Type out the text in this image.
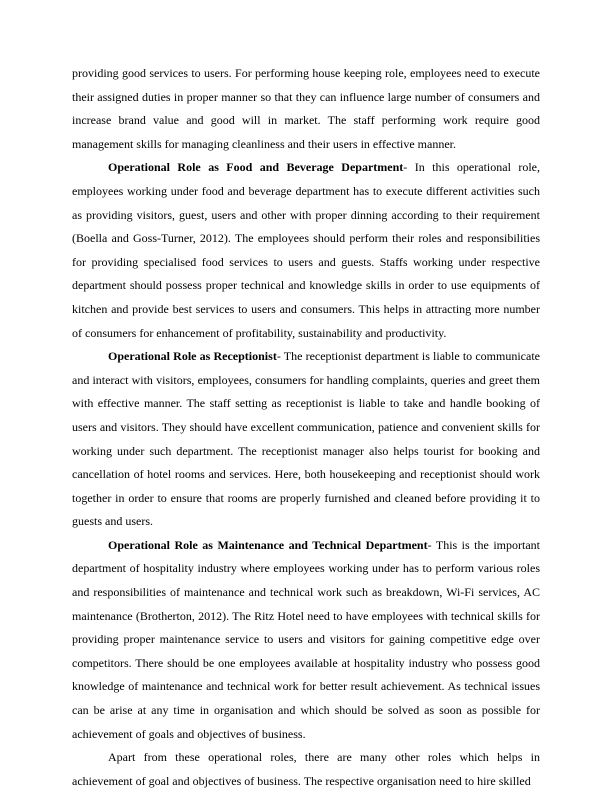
providing good services to users. For performing house keeping role, employees need to execute their assigned duties in proper manner so that they can influence large number of consumers and increase brand value and good will in market. The staff performing work require good management skills for managing cleanliness and their users in effective manner.

Operational Role as Food and Beverage Department- In this operational role, employees working under food and beverage department has to execute different activities such as providing visitors, guest, users and other with proper dinning according to their requirement (Boella and Goss-Turner, 2012). The employees should perform their roles and responsibilities for providing specialised food services to users and guests. Staffs working under respective department should possess proper technical and knowledge skills in order to use equipments of kitchen and provide best services to users and consumers. This helps in attracting more number of consumers for enhancement of profitability, sustainability and productivity.

Operational Role as Receptionist- The receptionist department is liable to communicate and interact with visitors, employees, consumers for handling complaints, queries and greet them with effective manner. The staff setting as receptionist is liable to take and handle booking of users and visitors. They should have excellent communication, patience and convenient skills for working under such department. The receptionist manager also helps tourist for booking and cancellation of hotel rooms and services. Here, both housekeeping and receptionist should work together in order to ensure that rooms are properly furnished and cleaned before providing it to guests and users.

Operational Role as Maintenance and Technical Department- This is the important department of hospitality industry where employees working under has to perform various roles and responsibilities of maintenance and technical work such as breakdown, Wi-Fi services, AC maintenance (Brotherton, 2012). The Ritz Hotel need to have employees with technical skills for providing proper maintenance service to users and visitors for gaining competitive edge over competitors. There should be one employees available at hospitality industry who possess good knowledge of maintenance and technical work for better result achievement. As technical issues can be arise at any time in organisation and which should be solved as soon as possible for achievement of goals and objectives of business.

Apart from these operational roles, there are many other roles which helps in achievement of goal and objectives of business. The respective organisation need to hire skilled
